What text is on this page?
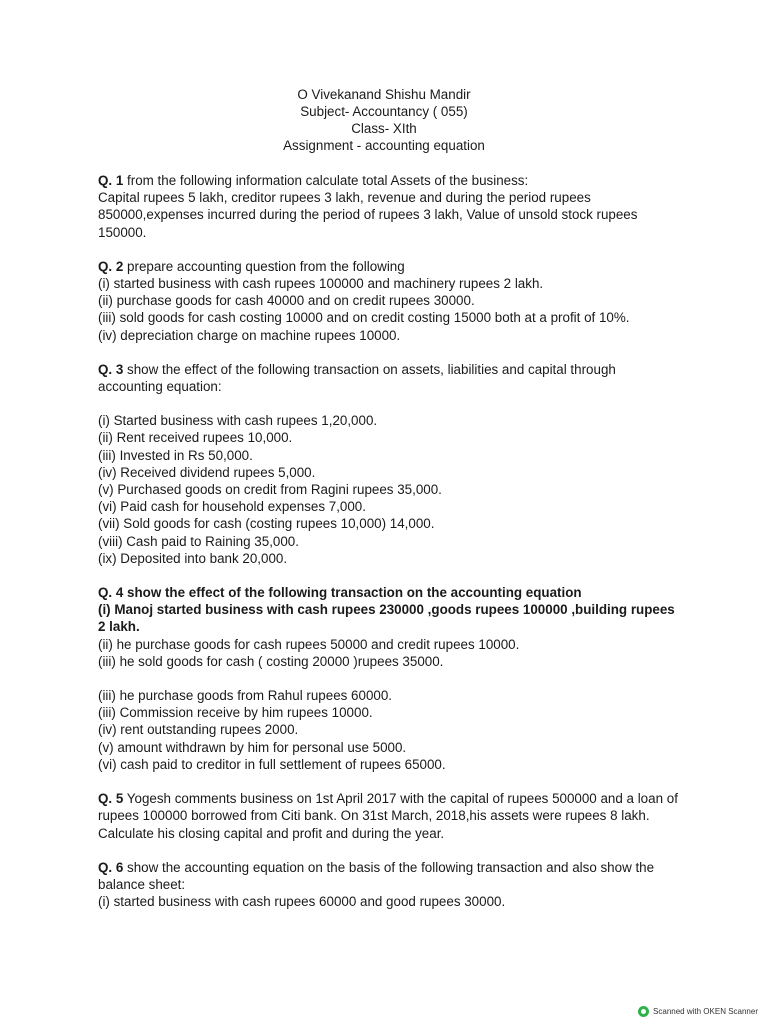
O Vivekanand Shishu Mandir
Subject- Accountancy ( 055)
Class- XIth
Assignment - accounting equation
Q. 1 from the following information calculate total Assets of the business:
Capital rupees 5 lakh, creditor rupees 3 lakh, revenue and during the period rupees 850000,expenses incurred during the period of rupees 3 lakh, Value of unsold stock rupees 150000.
Q. 2 prepare accounting question from the following
(i) started business with cash rupees 100000 and machinery rupees 2 lakh.
(ii) purchase goods for cash 40000 and on credit rupees 30000.
(iii) sold goods for cash costing 10000 and on credit costing 15000 both at a profit of 10%.
(iv) depreciation charge on machine rupees 10000.
Q. 3 show the effect of the following transaction on assets, liabilities and capital through accounting equation:
(i) Started business with cash rupees 1,20,000.
(ii) Rent received rupees 10,000.
(iii) Invested in Rs 50,000.
(iv) Received dividend rupees 5,000.
(v) Purchased goods on credit from Ragini rupees 35,000.
(vi) Paid cash for household expenses 7,000.
(vii) Sold goods for cash (costing rupees 10,000) 14,000.
(viii) Cash paid to Raining 35,000.
(ix) Deposited into bank 20,000.
Q. 4 show the effect of the following transaction on the accounting equation
(i) Manoj started business with cash rupees 230000 ,goods rupees 100000 ,building rupees 2 lakh.
(ii) he purchase goods for cash rupees 50000 and credit rupees 10000.
(iii) he sold goods for cash ( costing 20000 )rupees 35000.
(iii) he purchase goods from Rahul rupees 60000.
(iii) Commission receive by him rupees 10000.
(iv) rent outstanding rupees 2000.
(v) amount withdrawn by him for personal use 5000.
(vi) cash paid to creditor in full settlement of rupees 65000.
Q. 5 Yogesh comments business on 1st April 2017 with the capital of rupees 500000 and a loan of rupees 100000 borrowed from Citi bank. On 31st March, 2018,his assets were rupees 8 lakh. Calculate his closing capital and profit and during the year.
Q. 6 show the accounting equation on the basis of the following transaction and also show the balance sheet:
(i) started business with cash rupees 60000 and good rupees 30000.
Scanned with OKEN Scanner
